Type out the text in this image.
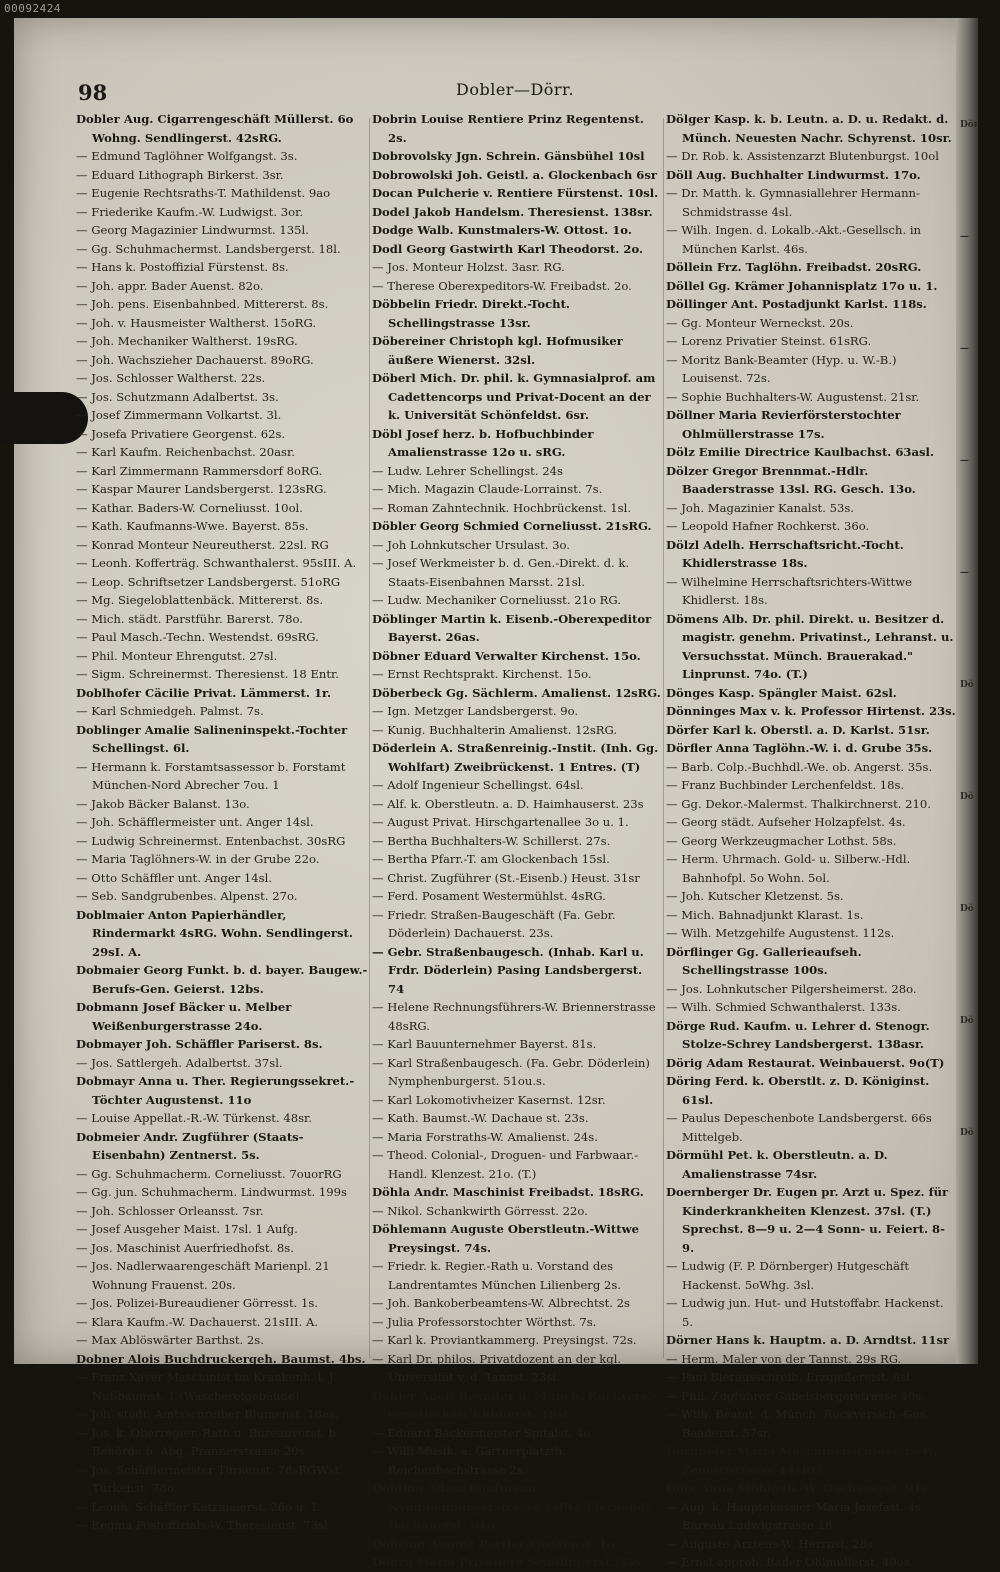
00092424
Dör
—
—
—
—
Dö
Dö
Dö
Dö
Dö
98	Dobler—Dörr.

Dobler Aug. Cigarrengeschäft Müllerst. 6o Wohng. Sendlingerst. 42sRG.

— Edmund Taglöhner Wolfgangst. 3s.

— Eduard Lithograph Birkerst. 3sr.

— Eugenie Rechtsraths-T. Mathildenst. 9ao

— Friederike Kaufm.-W. Ludwigst. 3or.

— Georg Magazinier Lindwurmst. 135l.

— Gg. Schuhmachermst. Landsbergerst. 18l.

— Hans k. Postoffizial Fürstenst. 8s.

— Joh. appr. Bader Auenst. 82o.

— Joh. pens. Eisenbahnbed. Mittererst. 8s.

— Joh. v. Hausmeister Waltherst. 15oRG.

— Joh. Mechaniker Waltherst. 19sRG.

— Joh. Wachszieher Dachauerst. 89oRG.

— Jos. Schlosser Waltherst. 22s.

— Jos. Schutzmann Adalbertst. 3s.

— Josef Zimmermann Volkartst. 3l.

— Josefa Privatiere Georgenst. 62s.

— Karl Kaufm. Reichenbachst. 20asr.

— Karl Zimmermann Rammersdorf 8oRG.

— Kaspar Maurer Landsbergerst. 123sRG.

— Kathar. Baders-W. Corneliusst. 10ol.

— Kath. Kaufmanns-Wwe. Bayerst. 85s.

— Konrad Monteur Neureutherst. 22sl. RG

— Leonh. Kofferträg. Schwanthalerst. 95sIII. A.

— Leop. Schriftsetzer Landsbergerst. 51oRG

— Mg. Siegeloblattenbäck. Mittererst. 8s.

— Mich. städt. Parstführ. Barerst. 78o.

— Paul Masch.-Techn. Westendst. 69sRG.

— Phil. Monteur Ehrengutst. 27sl.

— Sigm. Schreinermst. Theresienst. 18 Entr.

Doblhofer Cäcilie Privat. Lämmerst. 1r.

— Karl Schmiedgeh. Palmst. 7s.

Doblinger Amalie Salineninspekt.-Tochter Schellingst. 6l.

— Hermann k. Forstamtsassessor b. Forstamt München-Nord Abrecher 7ou. 1

— Jakob Bäcker Balanst. 13o.

— Joh. Schäfflermeister unt. Anger 14sl.

— Ludwig Schreinermst. Entenbachst. 30sRG

— Maria Taglöhners-W. in der Grube 22o.

— Otto Schäffler unt. Anger 14sl.

— Seb. Sandgrubenbes. Alpenst. 27o.

Doblmaier Anton Papierhändler, Rindermarkt 4sRG. Wohn. Sendlingerst. 29sI. A.

Dobmaier Georg Funkt. b. d. bayer. Baugew.-Berufs-Gen. Geierst. 12bs.

Dobmann Josef Bäcker u. Melber Weißenburgerstrasse 24o.

Dobmayer Joh. Schäffler Pariserst. 8s.

— Jos. Sattlergeh. Adalbertst. 37sl.

Dobmayr Anna u. Ther. Regierungssekret.-Töchter Augustenst. 11o

— Louise Appellat.-R.-W. Türkenst. 48sr.

Dobmeier Andr. Zugführer (Staats-Eisenbahn) Zentnerst. 5s.

— Gg. Schuhmacherm. Corneliusst. 7ouorRG

— Gg. jun. Schuhmacherm. Lindwurmst. 199s

— Joh. Schlosser Orleansst. 7sr.

— Josef Ausgeher Maist. 17sl. 1 Aufg.

— Jos. Maschinist Auerfriedhofst. 8s.

— Jos. Nadlerwaarengeschäft Marienpl. 21 Wohnung Frauenst. 20s.

— Jos. Polizei-Bureaudiener Görresst. 1s.

— Klara Kaufm.-W. Dachauerst. 21sIII. A.

— Max Ablöswärter Barthst. 2s.

Dobner Alois Buchdruckergeh. Baumst. 4bs.

— Franz Xaver Maschinist im Krankenh. l. J. Nußbaumst. 1 (Wäschereigebäude)

— Joh. städt. Amtsschreiber Blumenst. 18as.

— Jos. k. Oberregier.-Rath u. Bureauvorst. b. Behörde b. Abg. Prannerstrasse 20s.

— Jos. Schäfflermeister Türkenst. 78sRGWst. Türkenst. 78o.

— Leonh. Schäffler Katzmaierst. 26o u. 1.

— Regina Postoffizials-W. Theresienst. 73sl.

Dobrin Louise Rentiere Prinz Regentenst. 2s.

Dobrovolsky Jgn. Schrein. Gänsbühel 10sl

Dobrowolski Joh. Geistl. a. Glockenbach 6sr

Docan Pulcherie v. Rentiere Fürstenst. 10sl.

Dodel Jakob Handelsm. Theresienst. 138sr.

Dodge Walb. Kunstmalers-W. Ottost. 1o.

Dodl Georg Gastwirth Karl Theodorst. 2o.

— Jos. Monteur Holzst. 3asr. RG.

— Therese Oberexpeditors-W. Freibadst. 2o.

Döbbelin Friedr. Direkt.-Tocht. Schellingstrasse 13sr.

Döbereiner Christoph kgl. Hofmusiker äußere Wienerst. 32sl.

Döberl Mich. Dr. phil. k. Gymnasialprof. am Cadettencorps und Privat-Docent an der k. Universität Schönfeldst. 6sr.

Döbl Josef herz. b. Hofbuchbinder Amalienstrasse 12o u. sRG.

— Ludw. Lehrer Schellingst. 24s

— Mich. Magazin Claude-Lorrainst. 7s.

— Roman Zahntechnik. Hochbrückenst. 1sl.

Döbler Georg Schmied Corneliusst. 21sRG.

— Joh Lohnkutscher Ursulast. 3o.

— Josef Werkmeister b. d. Gen.-Direkt. d. k. Staats-Eisenbahnen Marsst. 21sl.

— Ludw. Mechaniker Corneliusst. 21o RG.

Döblinger Martin k. Eisenb.-Oberexpeditor Bayerst. 26as.

Döbner Eduard Verwalter Kirchenst. 15o.

— Ernst Rechtsprakt. Kirchenst. 15o.

Döberbeck Gg. Sächlerm. Amalienst. 12sRG.

— Ign. Metzger Landsbergerst. 9o.

— Kunig. Buchhalterin Amalienst. 12sRG.

Döderlein A. Straßenreinig.-Instit. (Inh. Gg. Wohlfart) Zweibrückenst. 1 Entres. (T)

— Adolf Ingenieur Schellingst. 64sl.

— Alf. k. Oberstleutn. a. D. Haimhauserst. 23s

— August Privat. Hirschgartenallee 3o u. 1.

— Bertha Buchhalters-W. Schillerst. 27s.

— Bertha Pfarr.-T. am Glockenbach 15sl.

— Christ. Zugführer (St.-Eisenb.) Heust. 31sr

— Ferd. Posament Westermühlst. 4sRG.

— Friedr. Straßen-Baugeschäft (Fa. Gebr. Döderlein) Dachauerst. 23s.

— Gebr. Straßenbaugesch. (Inhab. Karl u. Frdr. Döderlein) Pasing Landsbergerst. 74

— Helene Rechnungsführers-W. Briennerstrasse 48sRG.

— Karl Bauunternehmer Bayerst. 81s.

— Karl Straßenbaugesch. (Fa. Gebr. Döderlein) Nymphenburgerst. 51ou.s.

— Karl Lokomotivheizer Kasernst. 12sr.

— Kath. Baumst.-W. Dachaue st. 23s.

— Maria Forstraths-W. Amalienst. 24s.

— Theod. Colonial-, Droguen- und Farbwaar.-Handl. Klenzest. 21o. (T.)

Döhla Andr. Maschinist Freibadst. 18sRG.

— Nikol. Schankwirth Görresst. 22o.

Döhlemann Auguste Oberstleutn.-Wittwe Preysingst. 74s.

— Friedr. k. Regier.-Rath u. Vorstand des Landrentamtes München Lilienberg 2s.

— Joh. Bankoberbeamtens-W. Albrechtst. 2s

— Julia Professorstochter Wörthst. 7s.

— Karl k. Proviantkammerg. Preysingst. 72s.

— Karl Dr. philos. Privatdozent an der kgl. Universität v. d. Tannst. 23sl.

Döhler Adolf Beamter d. Münch. Rückvers.-Gesellschaft Khidlerst. 18sl.

— Eduard Bäckermeister Spitalst. 4o.

— Willi Musik. a. Gärtnerplatzth. Reichenbachstrasse 2s.

Döhling Adam Kaufmann Nymphenburgerstrasse 1sRG. Eierhandl. Dachauerst. 64o.

Döhring August Portier Fürstenst. 1o.

Döhrn Maria Privatiere Sendlingerst. 35s.

Dölger Kasp. k. b. Leutn. a. D. u. Redakt. d. Münch. Neuesten Nachr. Schyrenst. 10sr.

— Dr. Rob. k. Assistenzarzt Blutenburgst. 10ol

Döll Aug. Buchhalter Lindwurmst. 17o.

— Dr. Matth. k. Gymnasiallehrer Hermann-Schmidstrasse 4sl.

— Wilh. Ingen. d. Lokalb.-Akt.-Gesellsch. in München Karlst. 46s.

Döllein Frz. Taglöhn. Freibadst. 20sRG.

Döllel Gg. Krämer Johannisplatz 17o u. 1.

Döllinger Ant. Postadjunkt Karlst. 118s.

— Gg. Monteur Werneckst. 20s.

— Lorenz Privatier Steinst. 61sRG.

— Moritz Bank-Beamter (Hyp. u. W.-B.) Louisenst. 72s.

— Sophie Buchhalters-W. Augustenst. 21sr.

Döllner Maria Revierförsterstochter Ohlmüllerstrasse 17s.

Dölz Emilie Directrice Kaulbachst. 63asl.

Dölzer Gregor Brennmat.-Hdlr. Baaderstrasse 13sl. RG. Gesch. 13o.

— Joh. Magazinier Kanalst. 53s.

— Leopold Hafner Rochkerst. 36o.

Dölzl Adelh. Herrschaftsricht.-Tocht. Khidlerstrasse 18s.

— Wilhelmine Herrschaftsrichters-Wittwe Khidlerst. 18s.

Dömens Alb. Dr. phil. Direkt. u. Besitzer d. magistr. genehm. Privatinst., Lehranst. u. Versuchsstat. Münch. Brauerakad." Linprunst. 74o. (T.)

Dönges Kasp. Spängler Maist. 62sl.

Dönninges Max v. k. Professor Hirtenst. 23s.

Dörfer Karl k. Oberstl. a. D. Karlst. 51sr.

Dörfler Anna Taglöhn.-W. i. d. Grube 35s.

— Barb. Colp.-Buchhdl.-We. ob. Angerst. 35s.

— Franz Buchbinder Lerchenfeldst. 18s.

— Gg. Dekor.-Malermst. Thalkirchnerst. 210.

— Georg städt. Aufseher Holzapfelst. 4s.

— Georg Werkzeugmacher Lothst. 58s.

— Herm. Uhrmach. Gold- u. Silberw.-Hdl. Bahnhofpl. 5o Wohn. 5ol.

— Joh. Kutscher Kletzenst. 5s.

— Mich. Bahnadjunkt Klarast. 1s.

— Wilh. Metzgehilfe Augustenst. 112s.

Dörflinger Gg. Gallerieaufseh. Schellingstrasse 100s.

— Jos. Lohnkutscher Pilgersheimerst. 28o.

— Wilh. Schmied Schwanthalerst. 133s.

Dörge Rud. Kaufm. u. Lehrer d. Stenogr. Stolze-Schrey Landsbergerst. 138asr.

Dörig Adam Restaurat. Weinbauerst. 9o(T)

Döring Ferd. k. Oberstlt. z. D. Königinst. 61sl.

— Paulus Depeschenbote Landsbergerst. 66s Mittelgeb.

Dörmühl Pet. k. Oberstleutn. a. D. Amalienstrasse 74sr.

Doernberger Dr. Eugen pr. Arzt u. Spez. für Kinderkrankheiten Klenzest. 37sl. (T.) Sprechst. 8—9 u. 2—4 Sonn- u. Feiert. 8-9.

— Ludwig (F. P. Dörnberger) Hutgeschäft Hackenst. 5oWhg. 3sl.

— Ludwig jun. Hut- und Hutstoffabr. Hackenst. 5.

Dörner Hans k. Hauptm. a. D. Arndtst. 11sr

— Herm. Maler von der Tannst. 29s RG.

— Paul Bierausschreib. Erzgießereist. 6sl.

— Phil. Zugführer Gabelsbergerstrasse 40s.

— Wilh. Beamt. d. Münch. Rückversich.-Ges. Baaderst. 57sr.

Dörnhöfer Maria Maschinenschlossers-W. Zenettistrasse 14sRG.

Dörr Anna Mühlgeh.-W. Dachauerst. 91s.

— Aug. k. Hauptekassier Maria Josefast. 4s Bureau Ludwigstrasse 16.

— Auguste Arztens-W. Herrnst. 28s.

— Ernst approb. Bader Ohlmüllerst. 40os.
